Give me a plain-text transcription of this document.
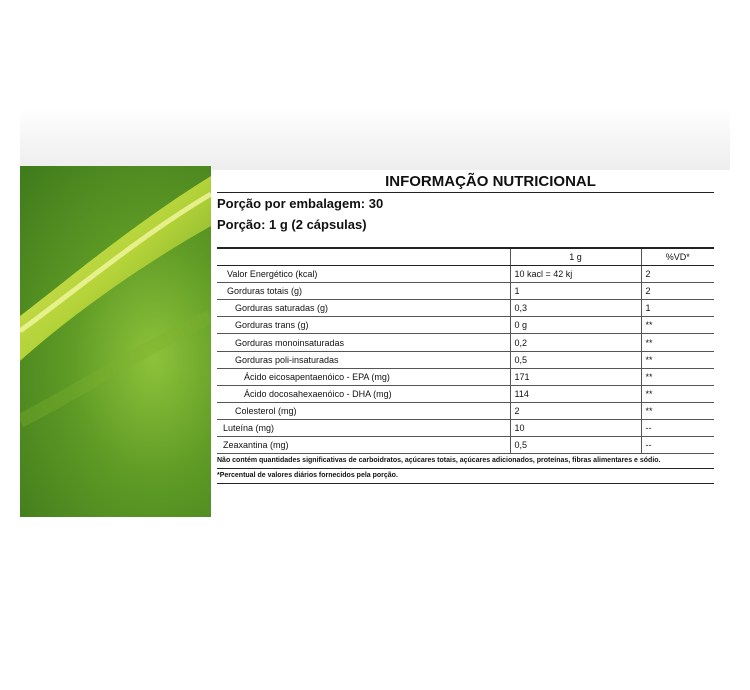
INFORMAÇÃO NUTRICIONAL
Porção por embalagem: 30
Porção: 1 g (2 cápsulas)
	1 g	%VD*
Valor Energético (kcal)	10 kacl = 42 kj	2
Gorduras totais (g)	1	2
Gorduras saturadas (g)	0,3	1
Gorduras trans (g)	0 g	**
Gorduras monoinsaturadas	0,2	**
Gorduras poli-insaturadas	0,5	**
Ácido eicosapentaenóico - EPA (mg)	171	**
Ácido docosahexaenóico - DHA (mg)	114	**
Colesterol (mg)	2	**
Luteína (mg)	10	--
Zeaxantina (mg)	0,5	--
Não contém quantidades significativas de carboidratos, açúcares totais, açúcares adicionados, proteínas, fibras alimentares e sódio.
*Percentual de valores diários fornecidos pela porção.
